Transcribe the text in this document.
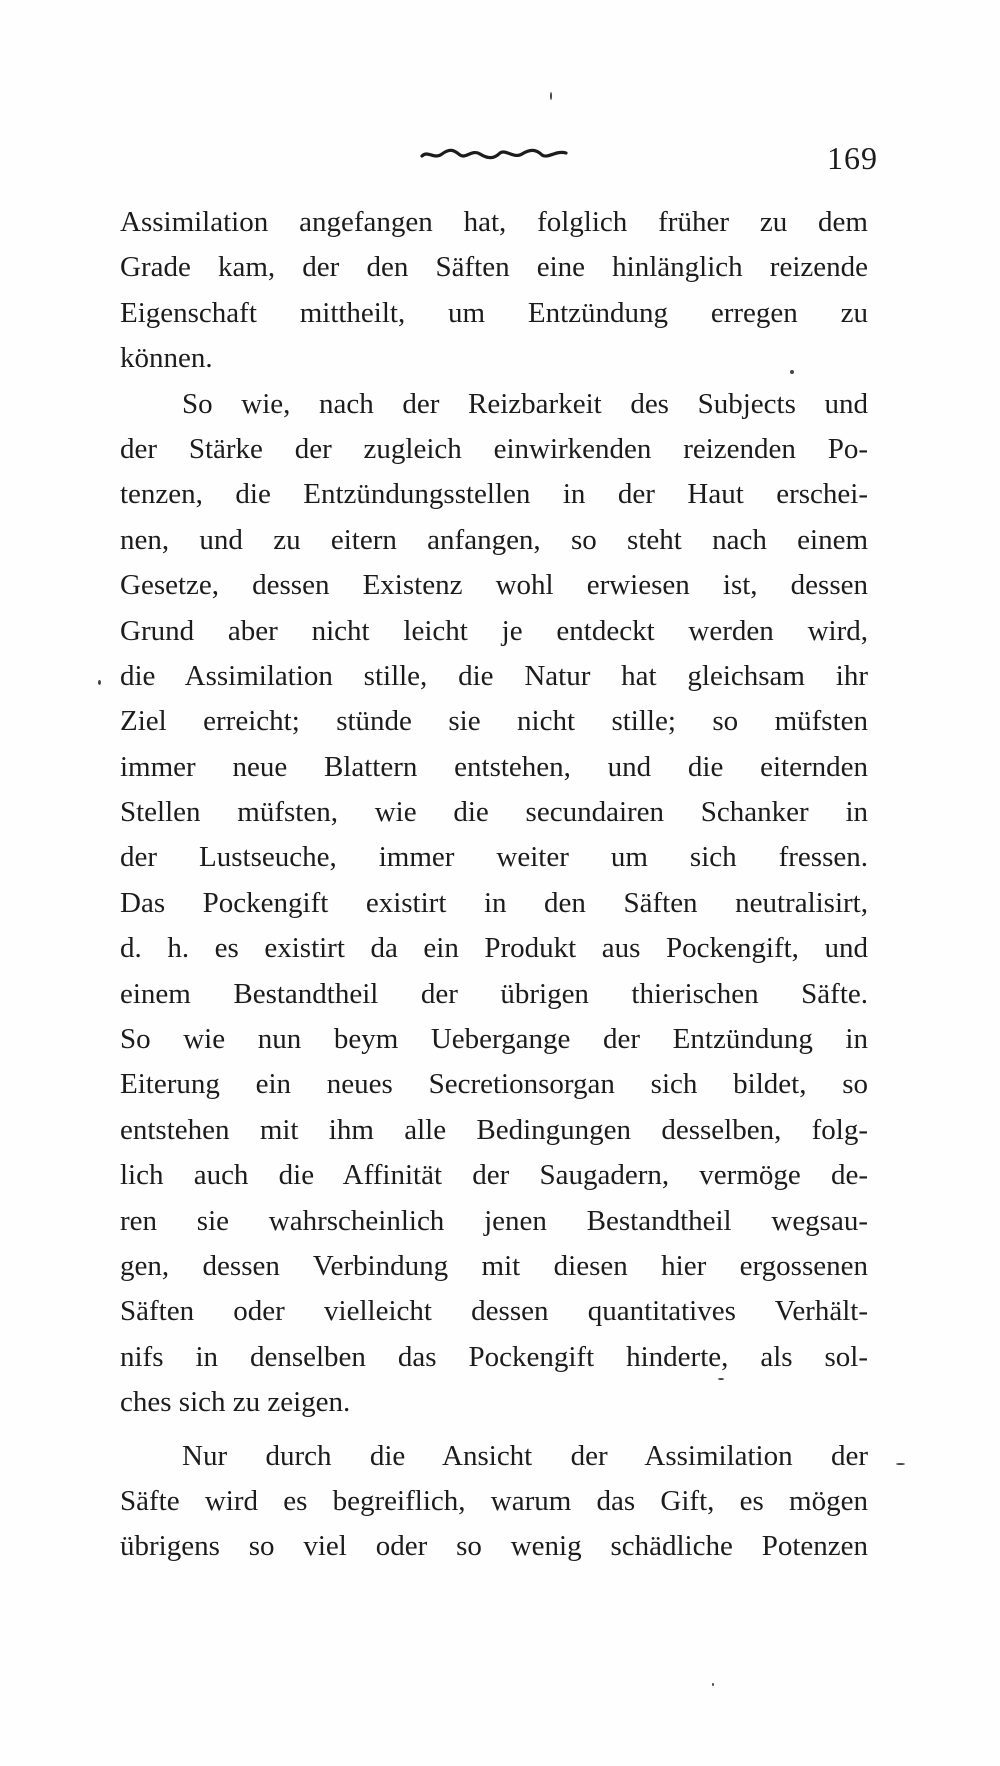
169
Assimilation angefangen hat, folglich früher zu dem
Grade kam, der den Säften eine hinlänglich reizende
Eigenschaft mittheilt, um Entzündung erregen zu
können.
So wie, nach der Reizbarkeit des Subjects und
der Stärke der zugleich einwirkenden reizenden Po-
tenzen, die Entzündungsstellen in der Haut erschei-
nen, und zu eitern anfangen, so steht nach einem
Gesetze, dessen Existenz wohl erwiesen ist, dessen
Grund aber nicht leicht je entdeckt werden wird,
die Assimilation stille, die Natur hat gleichsam ihr
Ziel erreicht; stünde sie nicht stille; so müfsten
immer neue Blattern entstehen, und die eiternden
Stellen müfsten, wie die secundairen Schanker in
der Lustseuche, immer weiter um sich fressen.
Das Pockengift existirt in den Säften neutralisirt,
d. h. es existirt da ein Produkt aus Pockengift, und
einem Bestandtheil der übrigen thierischen Säfte.
So wie nun beym Uebergange der Entzündung in
Eiterung ein neues Secretionsorgan sich bildet, so
entstehen mit ihm alle Bedingungen desselben, folg-
lich auch die Affinität der Saugadern, vermöge de-
ren sie wahrscheinlich jenen Bestandtheil wegsau-
gen, dessen Verbindung mit diesen hier ergossenen
Säften oder vielleicht dessen quantitatives Verhält-
nifs in denselben das Pockengift hinderte, als sol-
ches sich zu zeigen.
Nur durch die Ansicht der Assimilation der
Säfte wird es begreiflich, warum das Gift, es mögen
übrigens so viel oder so wenig schädliche Potenzen
